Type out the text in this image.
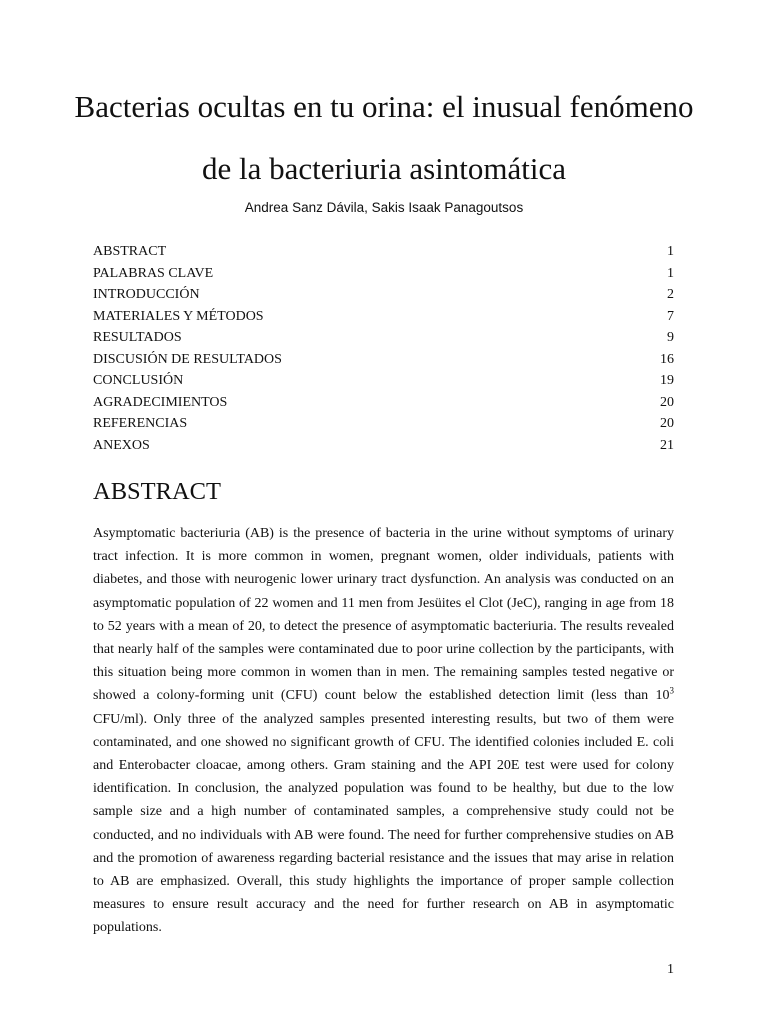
Bacterias ocultas en tu orina: el inusual fenómeno de la bacteriuria asintomática
Andrea Sanz Dávila, Sakis Isaak Panagoutsos
ABSTRACT	1
PALABRAS CLAVE	1
INTRODUCCIÓN	2
MATERIALES Y MÉTODOS	7
RESULTADOS	9
DISCUSIÓN DE RESULTADOS	16
CONCLUSIÓN	19
AGRADECIMIENTOS	20
REFERENCIAS	20
ANEXOS	21
ABSTRACT

Asymptomatic bacteriuria (AB) is the presence of bacteria in the urine without symptoms of urinary tract infection. It is more common in women, pregnant women, older individuals, patients with diabetes, and those with neurogenic lower urinary tract dysfunction. An analysis was conducted on an asymptomatic population of 22 women and 11 men from Jesüites el Clot (JeC), ranging in age from 18 to 52 years with a mean of 20, to detect the presence of asymptomatic bacteriuria. The results revealed that nearly half of the samples were contaminated due to poor urine collection by the participants, with this situation being more common in women than in men. The remaining samples tested negative or showed a colony-forming unit (CFU) count below the established detection limit (less than $10^3$ CFU/ml). Only three of the analyzed samples presented interesting results, but two of them were contaminated, and one showed no significant growth of CFU. The identified colonies included E. coli and Enterobacter cloacae, among others. Gram staining and the API 20E test were used for colony identification. In conclusion, the analyzed population was found to be healthy, but due to the low sample size and a high number of contaminated samples, a comprehensive study could not be conducted, and no individuals with AB were found. The need for further comprehensive studies on AB and the promotion of awareness regarding bacterial resistance and the issues that may arise in relation to AB are emphasized. Overall, this study highlights the importance of proper sample collection measures to ensure result accuracy and the need for further research on AB in asymptomatic populations.

1
